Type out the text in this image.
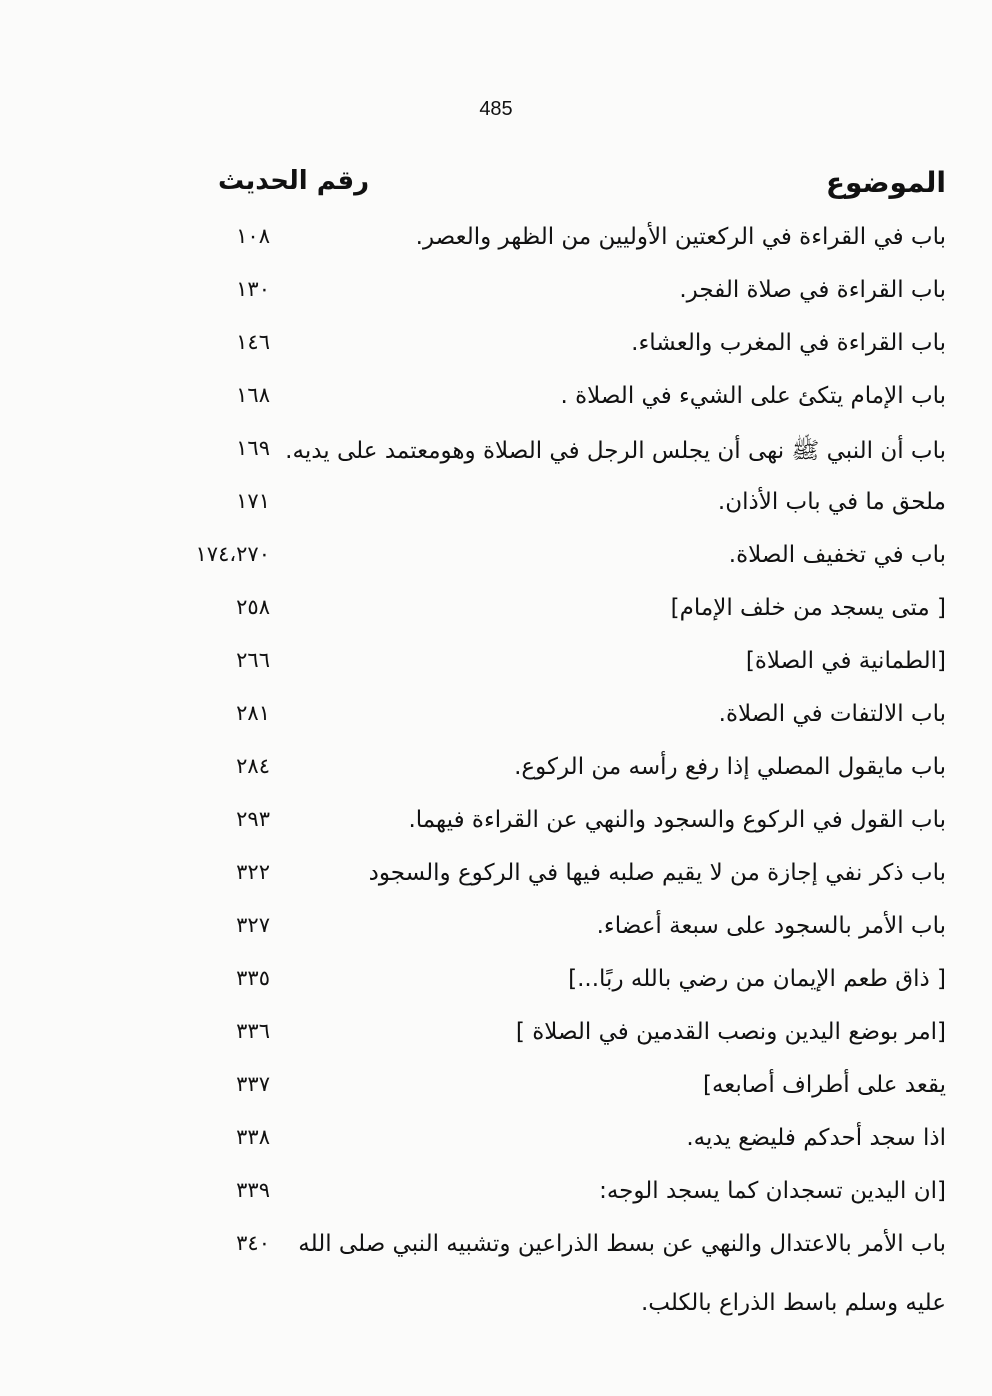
485
الموضوع
رقم الحديث
باب في القراءة في الركعتين الأوليين من الظهر والعصر.
١٠٨
باب القراءة في صلاة الفجر.
١٣٠
باب القراءة في المغرب والعشاء.
١٤٦
باب الإمام يتكئ على الشيء في الصلاة .
١٦٨
باب أن النبي ﷺ نهى أن يجلس الرجل في الصلاة وهومعتمد على يديه.
١٦٩
ملحق ما في باب الأذان.
١٧١
باب في تخفيف الصلاة.
١٧٤،٢٧٠
[ متى يسجد من خلف الإمام]
٢٥٨
[الطمانية في الصلاة]
٢٦٦
باب الالتفات في الصلاة.
٢٨١
باب مايقول المصلي إذا رفع رأسه من الركوع.
٢٨٤
باب القول في الركوع والسجود والنهي عن القراءة فيهما.
٢٩٣
باب ذكر نفي إجازة من لا يقيم صلبه فيها في الركوع والسجود
٣٢٢
باب الأمر بالسجود على سبعة أعضاء.
٣٢٧
[ ذاق طعم الإيمان من رضي بالله ربًا...]
٣٣٥
[امر بوضع اليدين ونصب القدمين في الصلاة ]
٣٣٦
يقعد على أطراف أصابعه]
٣٣٧
اذا سجد أحدكم فليضع يديه.
٣٣٨
[ان اليدين تسجدان كما يسجد الوجه:
٣٣٩
باب الأمر بالاعتدال والنهي عن بسط الذراعين وتشبيه النبي صلى الله
٣٤٠
عليه وسلم باسط الذراع بالكلب.
